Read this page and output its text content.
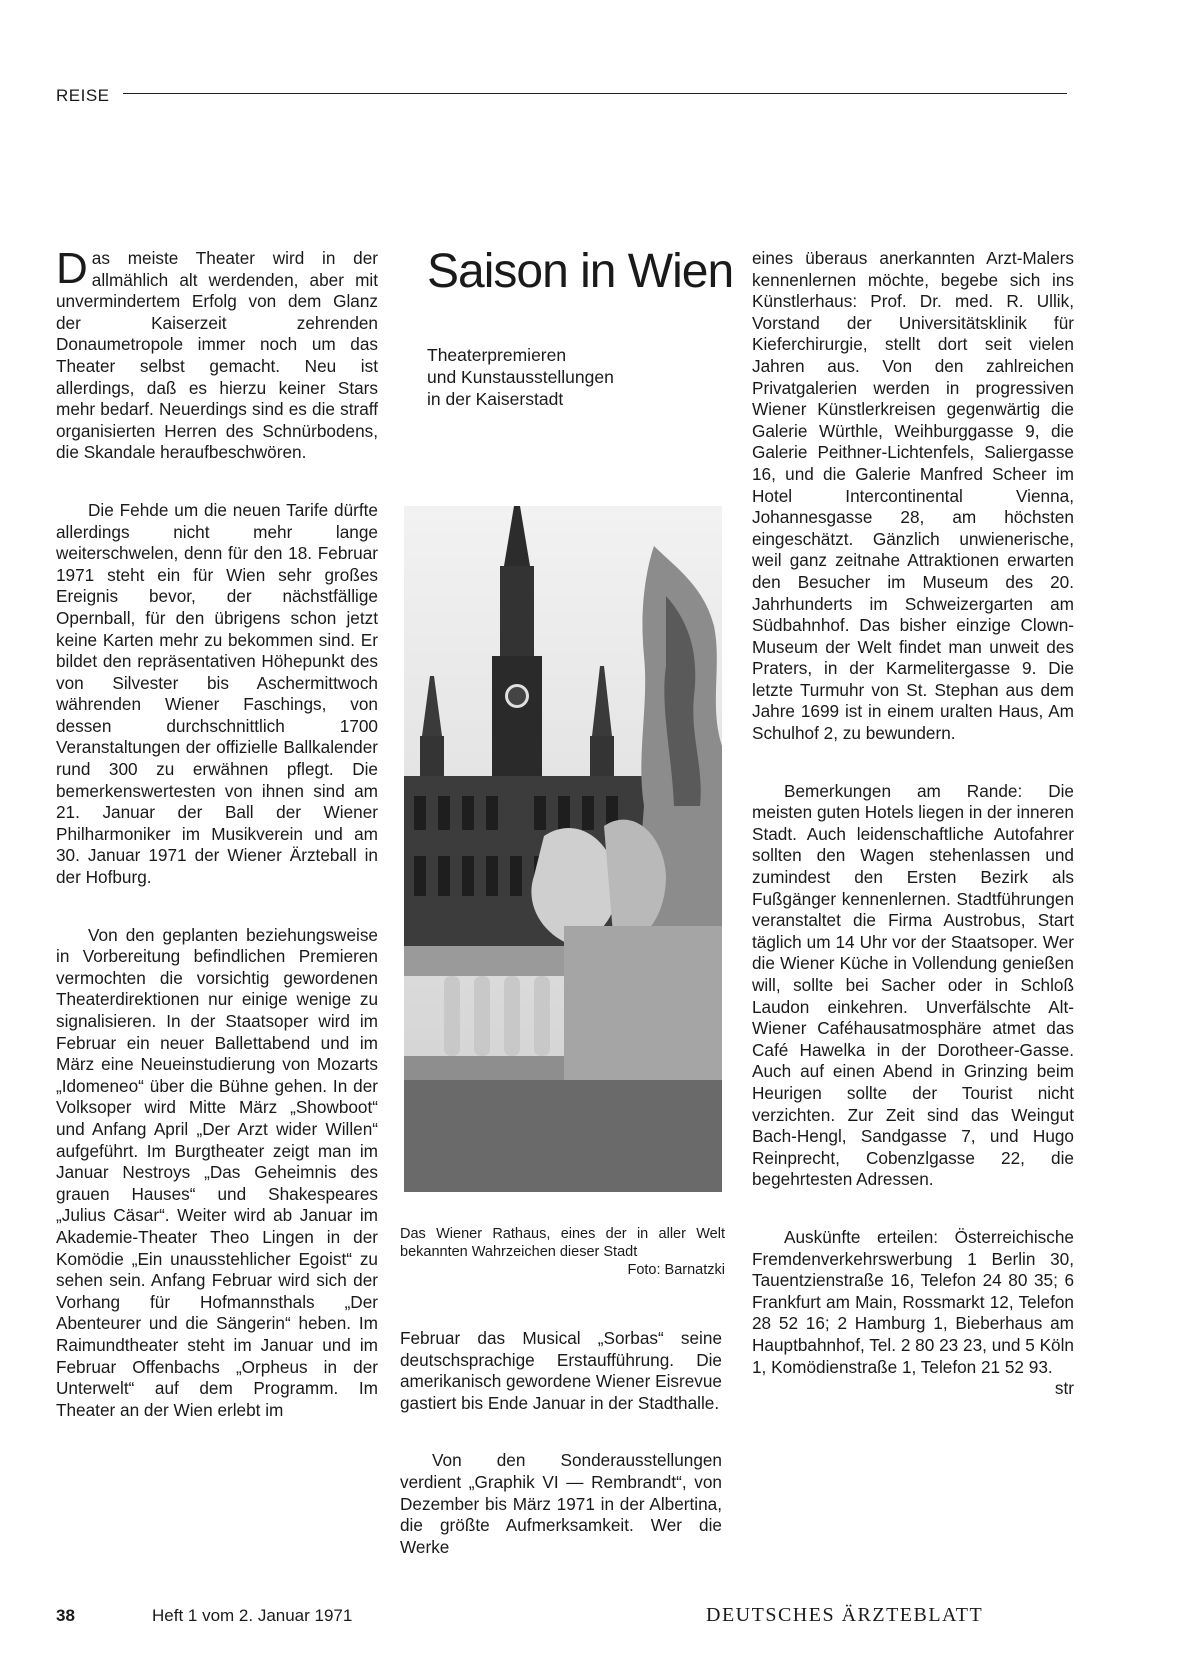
REISE

Das meiste Theater wird in der allmählich alt werdenden, aber mit unvermindertem Erfolg von dem Glanz der Kaiserzeit zehrenden Donaumetropole immer noch um das Theater selbst gemacht. Neu ist allerdings, daß es hierzu keiner Stars mehr bedarf. Neuerdings sind es die straff organisierten Herren des Schnürbodens, die Skandale heraufbeschwören.

Die Fehde um die neuen Tarife dürfte allerdings nicht mehr lange weiterschwelen, denn für den 18. Februar 1971 steht ein für Wien sehr großes Ereignis bevor, der nächstfällige Opernball, für den übrigens schon jetzt keine Karten mehr zu bekommen sind. Er bildet den repräsentativen Höhepunkt des von Silvester bis Aschermittwoch währenden Wiener Faschings, von dessen durchschnittlich 1700 Veranstaltungen der offizielle Ballkalender rund 300 zu erwähnen pflegt. Die bemerkenswertesten von ihnen sind am 21. Januar der Ball der Wiener Philharmoniker im Musikverein und am 30. Januar 1971 der Wiener Ärzteball in der Hofburg.

Von den geplanten beziehungsweise in Vorbereitung befindlichen Premieren vermochten die vorsichtig gewordenen Theaterdirektionen nur einige wenige zu signalisieren. In der Staatsoper wird im Februar ein neuer Ballettabend und im März eine Neueinstudierung von Mozarts „Idomeneo“ über die Bühne gehen. In der Volksoper wird Mitte März „Showboot“ und Anfang April „Der Arzt wider Willen“ aufgeführt. Im Burgtheater zeigt man im Januar Nestroys „Das Geheimnis des grauen Hauses“ und Shakespeares „Julius Cäsar“. Weiter wird ab Januar im Akademie-Theater Theo Lingen in der Komödie „Ein unausstehlicher Egoist“ zu sehen sein. Anfang Februar wird sich der Vorhang für Hofmannsthals „Der Abenteurer und die Sängerin“ heben. Im Raimundtheater steht im Januar und im Februar Offenbachs „Orpheus in der Unterwelt“ auf dem Programm. Im Theater an der Wien erlebt im

Saison in Wien

Theaterpremieren
und Kunstausstellungen
in der Kaiserstadt

Das Wiener Rathaus, eines der in aller Welt bekannten Wahrzeichen dieser Stadt
Foto: Barnatzki

Februar das Musical „Sorbas“ seine deutschsprachige Erstaufführung. Die amerikanisch gewordene Wiener Eisrevue gastiert bis Ende Januar in der Stadthalle.

Von den Sonderausstellungen verdient „Graphik VI — Rembrandt“, von Dezember bis März 1971 in der Albertina, die größte Aufmerksamkeit. Wer die Werke

eines überaus anerkannten Arzt-Malers kennenlernen möchte, begebe sich ins Künstlerhaus: Prof. Dr. med. R. Ullik, Vorstand der Universitätsklinik für Kieferchirurgie, stellt dort seit vielen Jahren aus. Von den zahlreichen Privatgalerien werden in progressiven Wiener Künstlerkreisen gegenwärtig die Galerie Würthle, Weihburggasse 9, die Galerie Peithner-Lichtenfels, Saliergasse 16, und die Galerie Manfred Scheer im Hotel Intercontinental Vienna, Johannesgasse 28, am höchsten eingeschätzt. Gänzlich unwienerische, weil ganz zeitnahe Attraktionen erwarten den Besucher im Museum des 20. Jahrhunderts im Schweizergarten am Südbahnhof. Das bisher einzige Clown-Museum der Welt findet man unweit des Praters, in der Karmelitergasse 9. Die letzte Turmuhr von St. Stephan aus dem Jahre 1699 ist in einem uralten Haus, Am Schulhof 2, zu bewundern.

Bemerkungen am Rande: Die meisten guten Hotels liegen in der inneren Stadt. Auch leidenschaftliche Autofahrer sollten den Wagen stehenlassen und zumindest den Ersten Bezirk als Fußgänger kennenlernen. Stadtführungen veranstaltet die Firma Austrobus, Start täglich um 14 Uhr vor der Staatsoper. Wer die Wiener Küche in Vollendung genießen will, sollte bei Sacher oder in Schloß Laudon einkehren. Unverfälschte Alt-Wiener Caféhausatmosphäre atmet das Café Hawelka in der Dorotheer-Gasse. Auch auf einen Abend in Grinzing beim Heurigen sollte der Tourist nicht verzichten. Zur Zeit sind das Weingut Bach-Hengl, Sandgasse 7, und Hugo Reinprecht, Cobenzlgasse 22, die begehrtesten Adressen.

Auskünfte erteilen: Österreichische Fremdenverkehrswerbung 1 Berlin 30, Tauentzienstraße 16, Telefon 24 80 35; 6 Frankfurt am Main, Rossmarkt 12, Telefon 28 52 16; 2 Hamburg 1, Bieberhaus am Hauptbahnhof, Tel. 2 80 23 23, und 5 Köln 1, Komödienstraße 1, Telefon 21 52 93.
str

38	Heft 1 vom 2. Januar 1971	DEUTSCHES ÄRZTEBLATT
